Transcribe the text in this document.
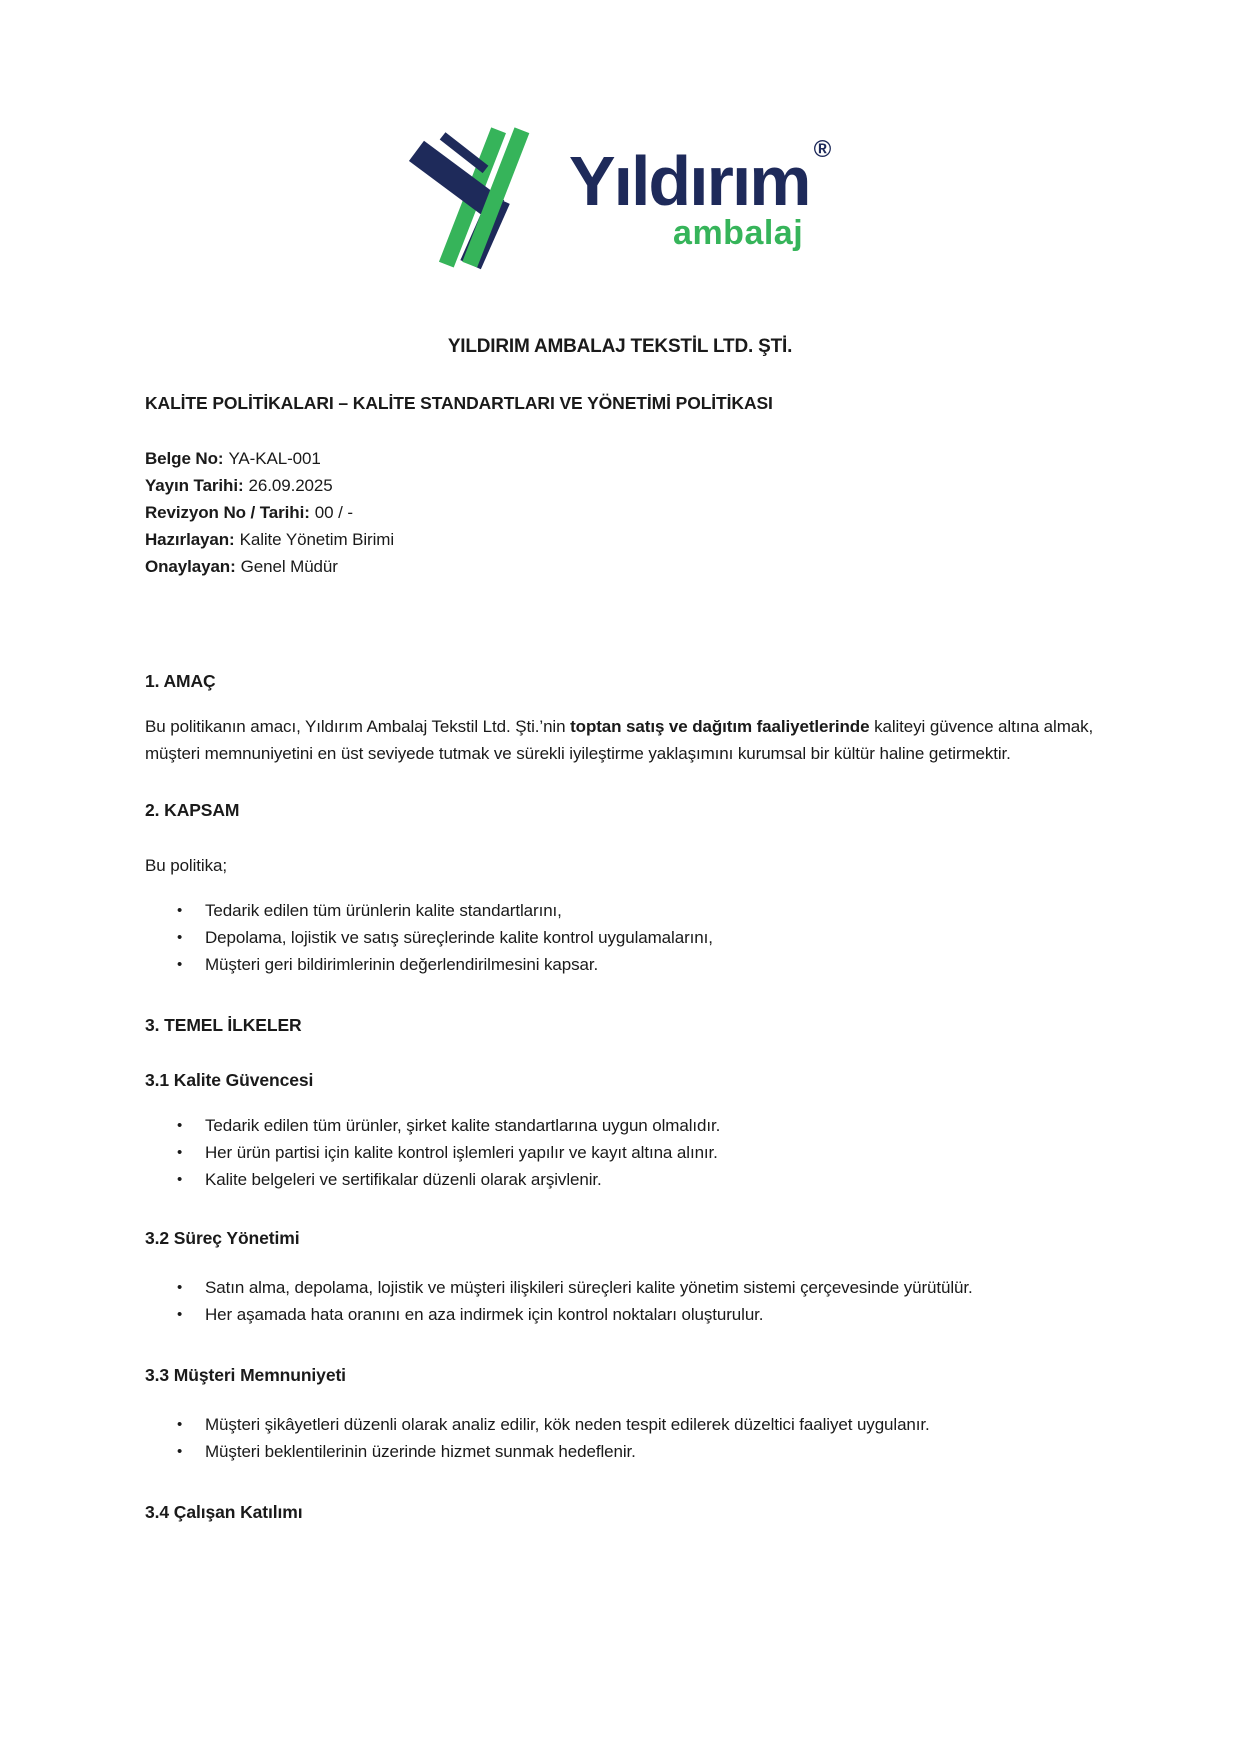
Yıldırım ®
ambalaj
YILDIRIM AMBALAJ TEKSTİL LTD. ŞTİ.
KALİTE POLİTİKALARI – KALİTE STANDARTLARI VE YÖNETİMİ POLİTİKASI
Belge No: YA-KAL-001
Yayın Tarihi: 26.09.2025
Revizyon No / Tarihi: 00 / -
Hazırlayan: Kalite Yönetim Birimi
Onaylayan: Genel Müdür
1. AMAÇ
Bu politikanın amacı, Yıldırım Ambalaj Tekstil Ltd. Şti.’nin toptan satış ve dağıtım faaliyetlerinde kaliteyi güvence altına almak, müşteri memnuniyetini en üst seviyede tutmak ve sürekli iyileştirme yaklaşımını kurumsal bir kültür haline getirmektir.
2. KAPSAM
Bu politika;
•	Tedarik edilen tüm ürünlerin kalite standartlarını,
•	Depolama, lojistik ve satış süreçlerinde kalite kontrol uygulamalarını,
•	Müşteri geri bildirimlerinin değerlendirilmesini kapsar.
3. TEMEL İLKELER
3.1 Kalite Güvencesi
•	Tedarik edilen tüm ürünler, şirket kalite standartlarına uygun olmalıdır.
•	Her ürün partisi için kalite kontrol işlemleri yapılır ve kayıt altına alınır.
•	Kalite belgeleri ve sertifikalar düzenli olarak arşivlenir.
3.2 Süreç Yönetimi
•	Satın alma, depolama, lojistik ve müşteri ilişkileri süreçleri kalite yönetim sistemi çerçevesinde yürütülür.
•	Her aşamada hata oranını en aza indirmek için kontrol noktaları oluşturulur.
3.3 Müşteri Memnuniyeti
•	Müşteri şikâyetleri düzenli olarak analiz edilir, kök neden tespit edilerek düzeltici faaliyet uygulanır.
•	Müşteri beklentilerinin üzerinde hizmet sunmak hedeflenir.
3.4 Çalışan Katılımı
